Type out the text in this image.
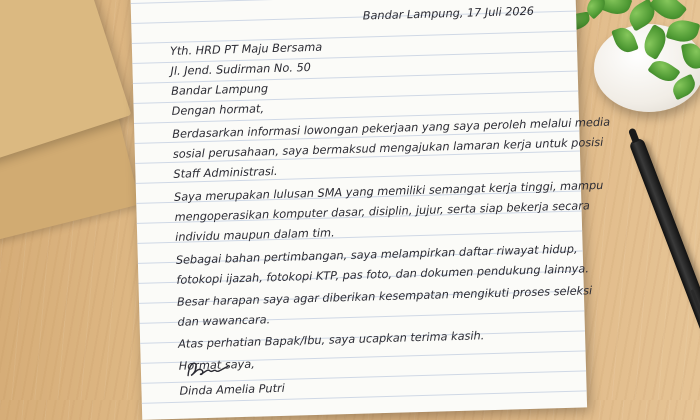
Bandar Lampung, 17 Juli 2026
Yth. HRD PT Maju Bersama
Jl. Jend. Sudirman No. 50
Bandar Lampung
Dengan hormat,
Berdasarkan informasi lowongan pekerjaan yang saya peroleh melalui media
sosial perusahaan, saya bermaksud mengajukan lamaran kerja untuk posisi
Staff Administrasi.
Saya merupakan lulusan SMA yang memiliki semangat kerja tinggi, mampu
mengoperasikan komputer dasar, disiplin, jujur, serta siap bekerja secara
individu maupun dalam tim.
Sebagai bahan pertimbangan, saya melampirkan daftar riwayat hidup,
fotokopi ijazah, fotokopi KTP, pas foto, dan dokumen pendukung lainnya.
Besar harapan saya agar diberikan kesempatan mengikuti proses seleksi
dan wawancara.
Atas perhatian Bapak/Ibu, saya ucapkan terima kasih.
Hormat saya,
Dinda Amelia Putri
